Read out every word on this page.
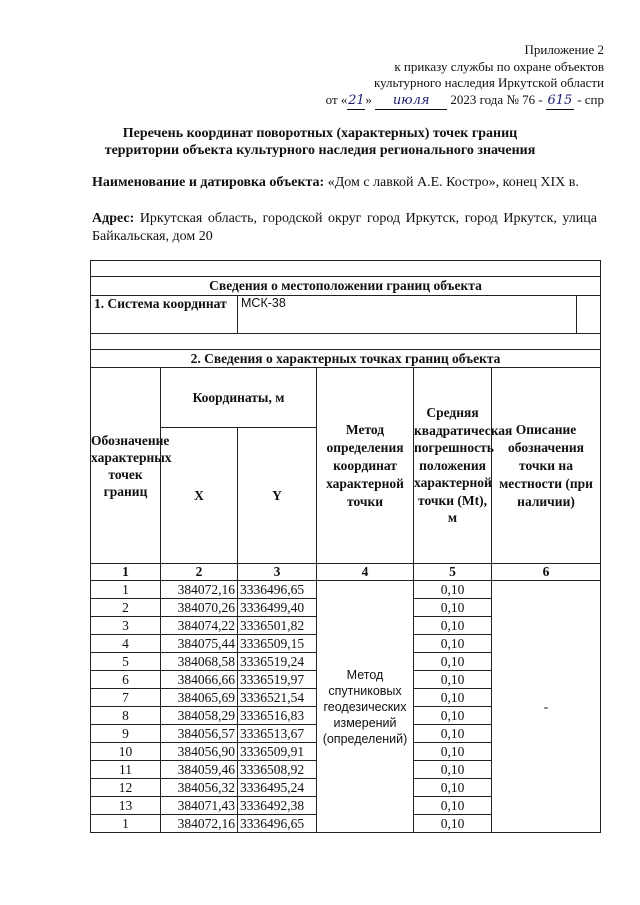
Приложение 2
к приказу службы по охране объектов
культурного наследия Иркутской области
от «21» июля 2023 года № 76 - 615 - спр
Перечень координат поворотных (характерных) точек границ
территории объекта культурного наследия регионального значения
Наименование и датировка объекта: «Дом с лавкой А.Е. Костро», конец XIX в.
Адрес: Иркутская область, городской округ город Иркутск, город Иркутск, улица Байкальская, дом 20

Сведения о местоположении границ объекта						
1. Система координат		МСК-38				

2. Сведения о характерных точках границ объекта						
Обозначение характерных точек границ	Координаты, м		Метод определения координат характерной точки	Средняя квадратическая погрешность положения характерной точки (Mt), м	Описание обозначения точки на местности (при наличии)	
	X	Y				
1	2	3	4	5	6	
1	384072,16	3336496,65	Метод спутниковых геодезических измерений (определений)	0,10	-	
2	384070,26	3336499,40		0,10		
3	384074,22	3336501,82		0,10		
4	384075,44	3336509,15		0,10		
5	384068,58	3336519,24		0,10		
6	384066,66	3336519,97		0,10		
7	384065,69	3336521,54		0,10		
8	384058,29	3336516,83		0,10		
9	384056,57	3336513,67		0,10		
10	384056,90	3336509,91		0,10		
11	384059,46	3336508,92		0,10		
12	384056,32	3336495,24		0,10		
13	384071,43	3336492,38		0,10		
1	384072,16	3336496,65		0,10		
